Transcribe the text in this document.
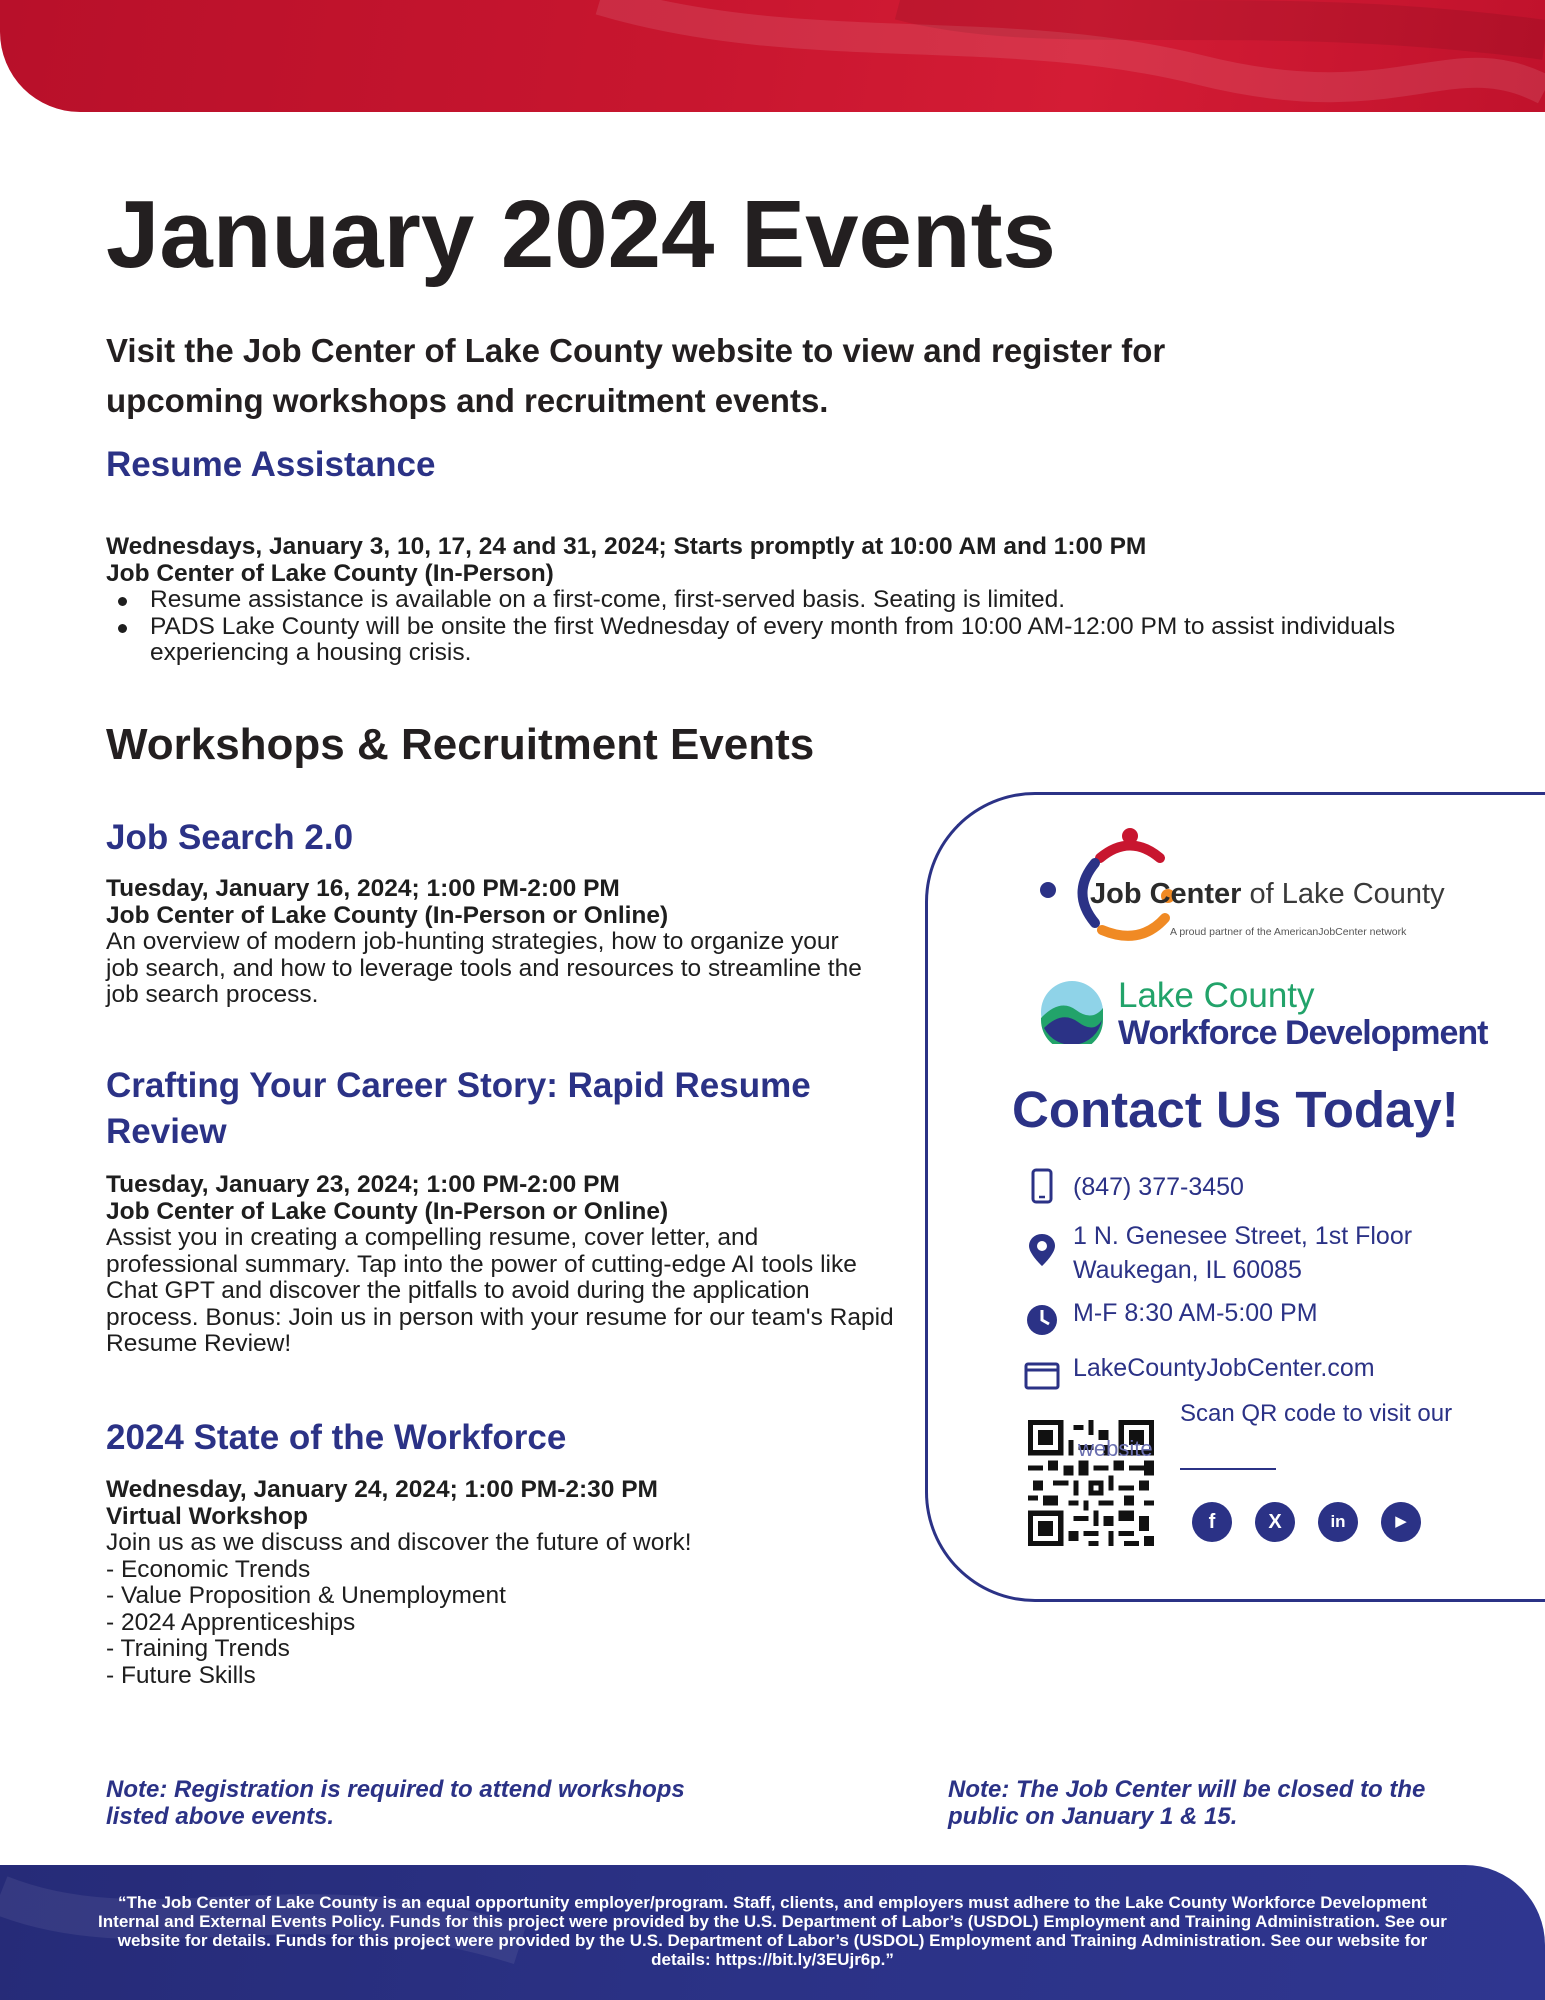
January 2024 Events

Visit the Job Center of Lake County website to view and register for upcoming workshops and recruitment events.

Resume Assistance
Wednesdays, January 3, 10, 17, 24 and 31, 2024; Starts promptly at 10:00 AM and 1:00 PM
Job Center of Lake County (In-Person)
Resume assistance is available on a first-come, first-served basis. Seating is limited.
PADS Lake County will be onsite the first Wednesday of every month from 10:00 AM-12:00 PM to assist individuals experiencing a housing crisis.
Workshops & Recruitment Events
Job Search 2.0
Tuesday, January 16, 2024; 1:00 PM-2:00 PM
Job Center of Lake County (In-Person or Online)
An overview of modern job-hunting strategies, how to organize your job search, and how to leverage tools and resources to streamline the job search process.
Crafting Your Career Story: Rapid Resume Review
Tuesday, January 23, 2024; 1:00 PM-2:00 PM
Job Center of Lake County (In-Person or Online)
Assist you in creating a compelling resume, cover letter, and professional summary. Tap into the power of cutting-edge AI tools like Chat GPT and discover the pitfalls to avoid during the application process. Bonus: Join us in person with your resume for our team's Rapid Resume Review!
2024 State of the Workforce
Wednesday, January 24, 2024; 1:00 PM-2:30 PM
Virtual Workshop
Join us as we discuss and discover the future of work!
- Economic Trends
- Value Proposition & Unemployment
- 2024 Apprenticeships
- Training Trends
- Future Skills
Job Center of Lake County
A proud partner of the AmericanJobCenter network
Lake County
Workforce Development
Contact Us Today!
(847) 377-3450
1 N. Genesee Street, 1st Floor
Waukegan, IL 60085
M-F 8:30 AM-5:00 PM
LakeCountyJobCenter.com
Scan QR code to visit our
website
f	X	in	▶
Note: Registration is required to attend workshops listed above events.
Note: The Job Center will be closed to the public on January 1 & 15.
“The Job Center of Lake County is an equal opportunity employer/program. Staff, clients, and employers must adhere to the Lake County Workforce Development Internal and External Events Policy. Funds for this project were provided by the U.S. Department of Labor’s (USDOL) Employment and Training Administration. See our website for details. Funds for this project were provided by the U.S. Department of Labor’s (USDOL) Employment and Training Administration. See our website for details: https://bit.ly/3EUjr6p.”
